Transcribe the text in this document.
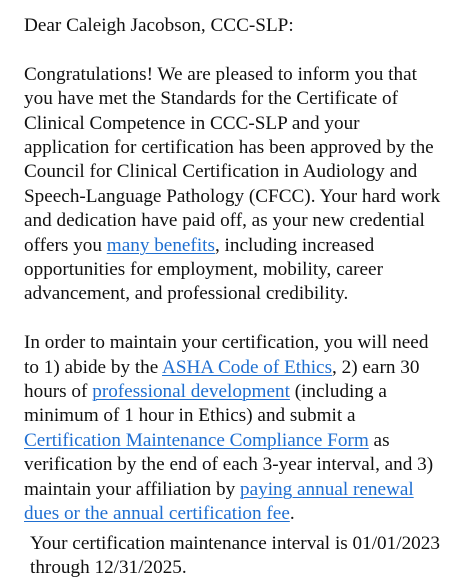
Dear Caleigh Jacobson, CCC-SLP:
Congratulations! We are pleased to inform you that
you have met the Standards for the Certificate of
Clinical Competence in CCC-SLP and your
application for certification has been approved by the
Council for Clinical Certification in Audiology and
Speech-Language Pathology (CFCC). Your hard work
and dedication have paid off, as your new credential
offers you many benefits, including increased
opportunities for employment, mobility, career
advancement, and professional credibility.
In order to maintain your certification, you will need
to 1) abide by the ASHA Code of Ethics, 2) earn 30
hours of professional development (including a
minimum of 1 hour in Ethics) and submit a
Certification Maintenance Compliance Form as
verification by the end of each 3-year interval, and 3)
maintain your affiliation by paying annual renewal
dues or the annual certification fee.
Your certification maintenance interval is 01/01/2023
through 12/31/2025.
